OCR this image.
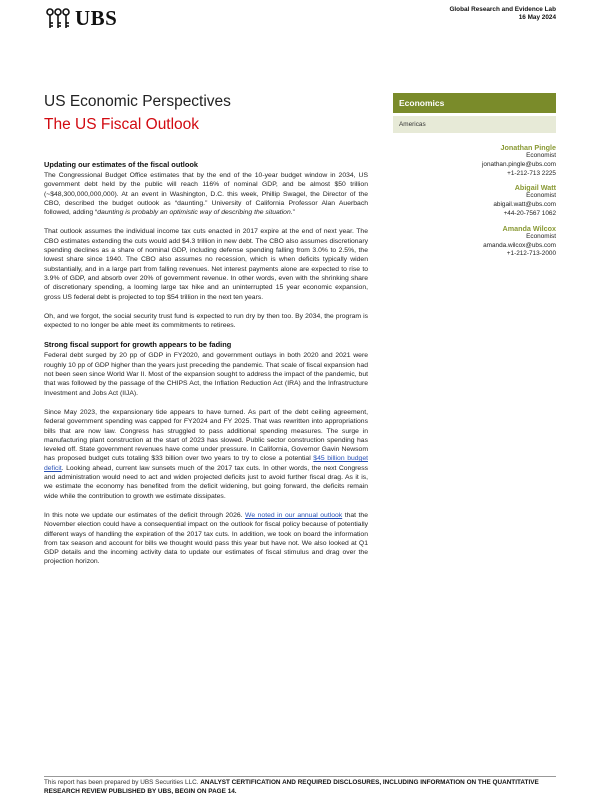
UBS	Global Research and Evidence Lab
16 May 2024
US Economic Perspectives
The US Fiscal Outlook
Economics
Americas
Jonathan Pingle
Economist
jonathan.pingle@ubs.com
+1-212-713 2225
Abigail Watt
Economist
abigail.watt@ubs.com
+44-20-7567 1062
Amanda Wilcox
Economist
amanda.wilcox@ubs.com
+1-212-713-2000
Updating our estimates of the fiscal outlook

The Congressional Budget Office estimates that by the end of the 10-year budget window in 2034, US government debt held by the public will reach 116% of nominal GDP, and be almost $50 trillion (~$48,300,000,000,000). At an event in Washington, D.C. this week, Phillip Swagel, the Director of the CBO, described the budget outlook as “daunting.” University of California Professor Alan Auerbach followed, adding “daunting is probably an optimistic way of describing the situation.”

That outlook assumes the individual income tax cuts enacted in 2017 expire at the end of next year. The CBO estimates extending the cuts would add $4.3 trillion in new debt. The CBO also assumes discretionary spending declines as a share of nominal GDP, including defense spending falling from 3.0% to 2.5%, the lowest share since 1940. The CBO also assumes no recession, which is when deficits typically widen substantially, and in a large part from falling revenues. Net interest payments alone are expected to rise to 3.9% of GDP, and absorb over 20% of government revenue. In other words, even with the shrinking share of discretionary spending, a looming large tax hike and an uninterrupted 15 year economic expansion, gross US federal debt is projected to top $54 trillion in the next ten years.

Oh, and we forgot, the social security trust fund is expected to run dry by then too. By 2034, the program is expected to no longer be able meet its commitments to retirees.

Strong fiscal support for growth appears to be fading

Federal debt surged by 20 pp of GDP in FY2020, and government outlays in both 2020 and 2021 were roughly 10 pp of GDP higher than the years just preceding the pandemic. That scale of fiscal expansion had not been seen since World War II. Most of the expansion sought to address the impact of the pandemic, but that was followed by the passage of the CHIPS Act, the Inflation Reduction Act (IRA) and the Infrastructure Investment and Jobs Act (IIJA).

Since May 2023, the expansionary tide appears to have turned. As part of the debt ceiling agreement, federal government spending was capped for FY2024 and FY 2025. That was rewritten into appropriations bills that are now law. Congress has struggled to pass additional spending measures. The surge in manufacturing plant construction at the start of 2023 has slowed. Public sector construction spending has leveled off. State government revenues have come under pressure. In California, Governor Gavin Newsom has proposed budget cuts totaling $33 billion over two years to try to close a potential $45 billion budget deficit. Looking ahead, current law sunsets much of the 2017 tax cuts. In other words, the next Congress and administration would need to act and widen projected deficits just to avoid further fiscal drag. As it is, we estimate the economy has benefited from the deficit widening, but going forward, the deficits remain wide while the contribution to growth we estimate dissipates.

In this note we update our estimates of the deficit through 2026. We noted in our annual outlook that the November election could have a consequential impact on the outlook for fiscal policy because of potentially different ways of handling the expiration of the 2017 tax cuts. In addition, we took on board the information from tax season and account for bills we thought would pass this year but have not. We also looked at Q1 GDP details and the incoming activity data to update our estimates of fiscal stimulus and drag over the projection horizon.

This report has been prepared by UBS Securities LLC. ANALYST CERTIFICATION AND REQUIRED DISCLOSURES, INCLUDING INFORMATION ON THE QUANTITATIVE RESEARCH REVIEW PUBLISHED BY UBS, BEGIN ON PAGE 14.
